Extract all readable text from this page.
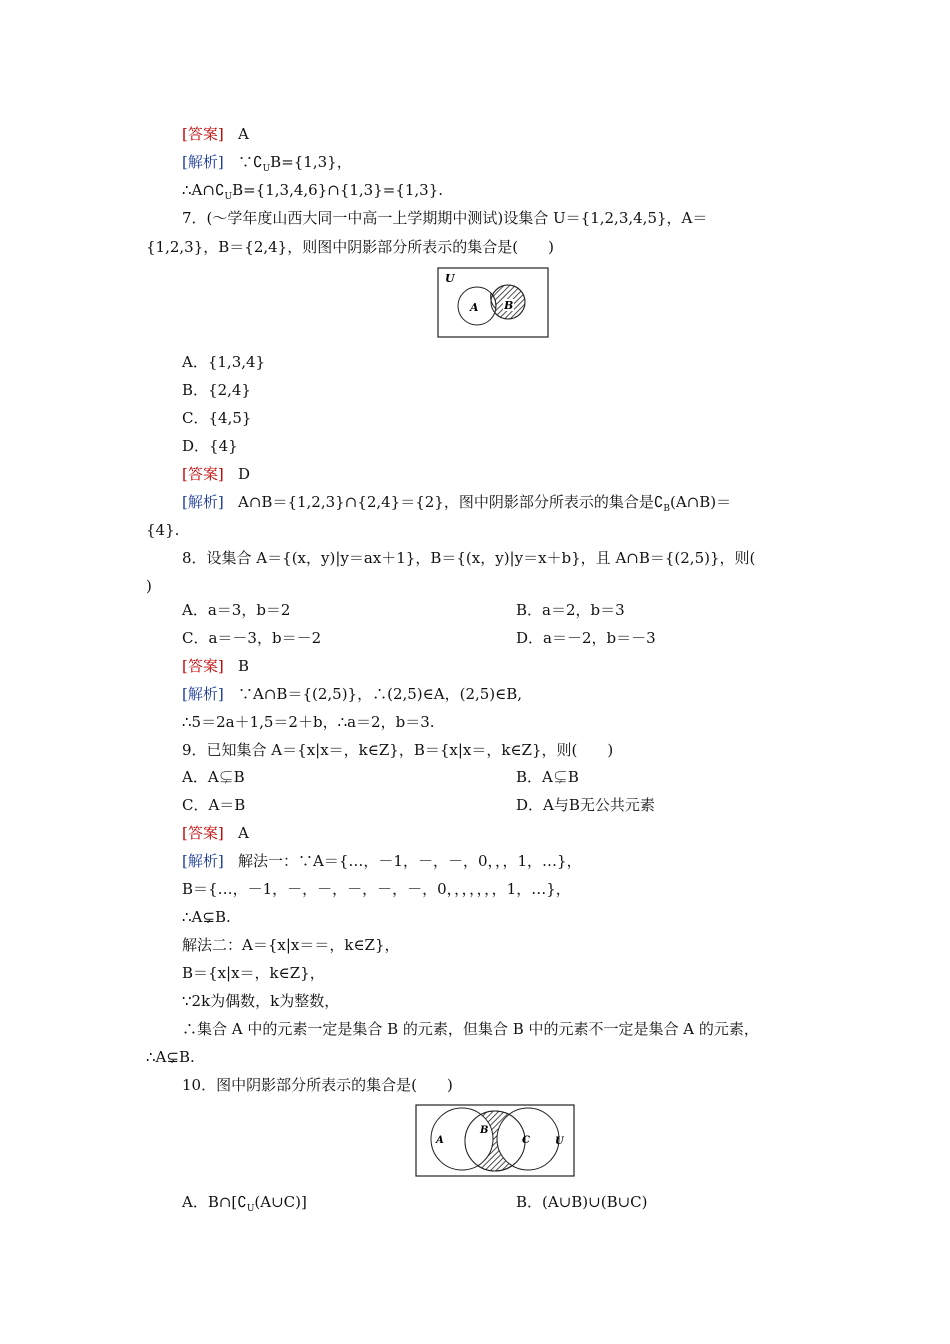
[答案] A
[解析] $\because∁_UB=\{1,3\}$，
$\therefore A\cap∁_UB=\{1,3,4,6\}\cap\{1,3\}=\{1,3\}$.
7．(～学年度山西大同一中高一上学期期中测试)设集合 U＝{1,2,3,4,5}，A＝
{1,2,3}，B＝{2,4}，则图中阴影部分所表示的集合是(　　)
U
A B
A．{1,3,4}
B．{2,4}
C．{4,5}
D．{4}
[答案] D
[解析] A∩B＝{1,2,3}∩{2,4}＝{2}，图中阴影部分所表示的集合是$∁_B(A\cap B)=$
{4}.
8．设集合 A＝{(x，y)|y＝ax＋1}，B＝{(x，y)|y＝x＋b}，且 A∩B＝{(2,5)}，则(
)
A．a＝3，b＝2	B．a＝2，b＝3
C．a＝－3，b＝－2	D．a＝－2，b＝－3
[答案] B
[解析] ∵A∩B＝{(2,5)}，∴(2,5)∈A，(2,5)∈B,
∴5＝2a＋1,5＝2＋b，∴a＝2，b＝3.
9．已知集合 A＝{x|x＝，k∈Z}，B＝{x|x＝，k∈Z}，则(　　)
A．A⊊B	B．A⊊B
C．A＝B	D．A与B无公共元素
[答案] A
[解析] 解法一：∵A＝{…，－1，－，－，0，，，1，…}，
B＝{…，－1，－，－，－，－，－，0，，，，，，，1，…}，
∴A⊊B.
解法二：A＝{x|x＝＝，k∈Z}，
B＝{x|x＝，k∈Z}，
∵2k为偶数，k为整数，
∴集合 A 中的元素一定是集合 B 的元素，但集合 B 中的元素不一定是集合 A 的元素，
∴A⊊B.
10．图中阴影部分所表示的集合是(　　)
A
B
C	U
A．$B\cap[∁_U(A\cup C)]$	B．(A∪B)∪(B∪C)
